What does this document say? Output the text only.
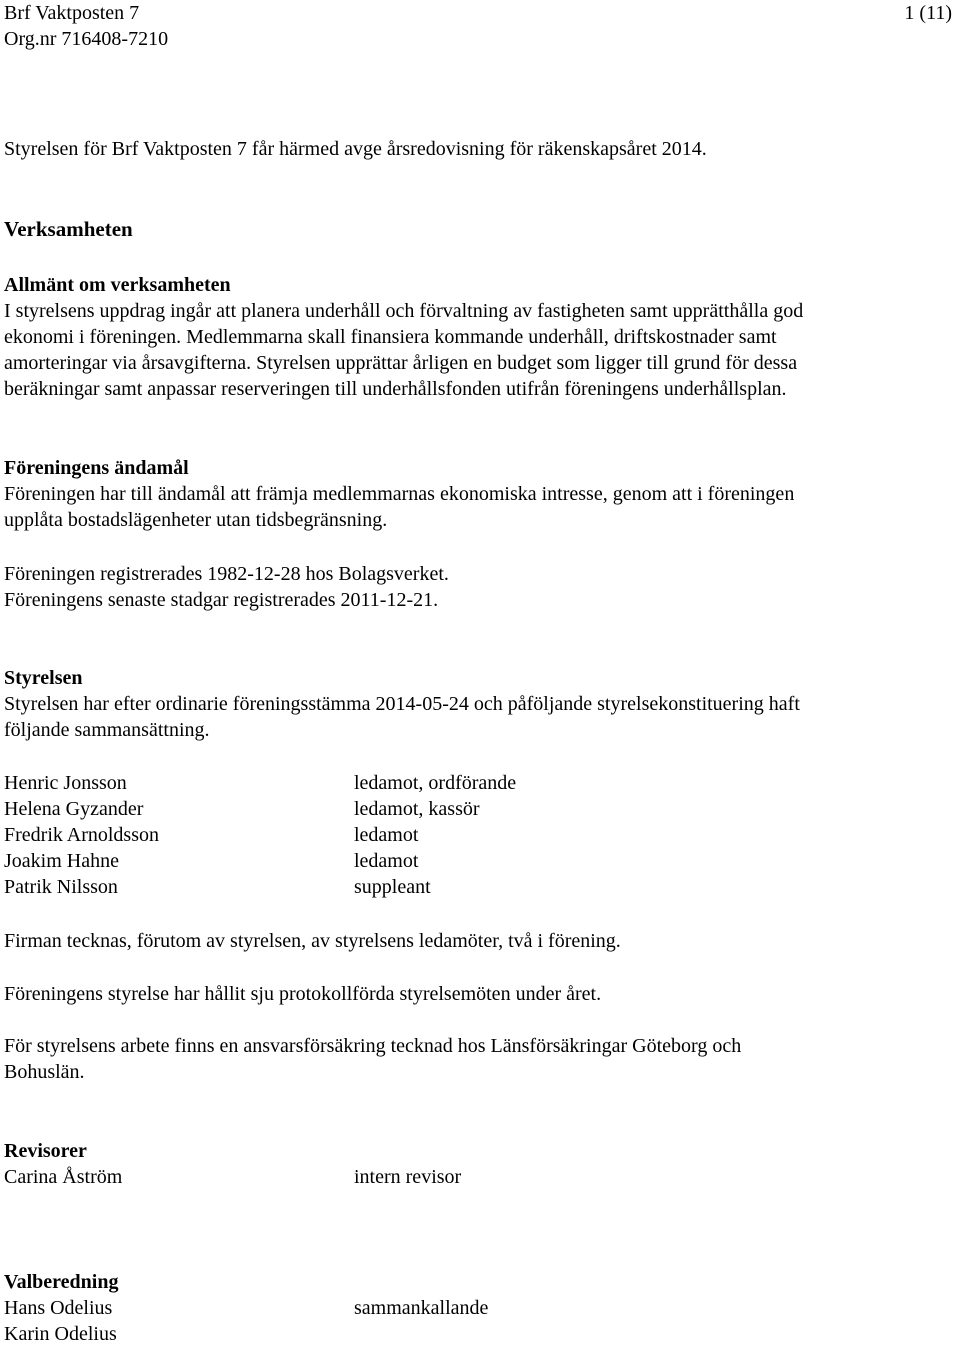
Brf Vaktposten 7
Org.nr 716408-7210
1 (11)
Styrelsen för Brf Vaktposten 7 får härmed avge årsredovisning för räkenskapsåret 2014.
Verksamheten
Allmänt om verksamheten
I styrelsens uppdrag ingår att planera underhåll och förvaltning av fastigheten samt upprätthålla god
ekonomi i föreningen. Medlemmarna skall finansiera kommande underhåll, driftskostnader samt
amorteringar via årsavgifterna. Styrelsen upprättar årligen en budget som ligger till grund för dessa
beräkningar samt anpassar reserveringen till underhållsfonden utifrån föreningens underhållsplan.
Föreningens ändamål
Föreningen har till ändamål att främja medlemmarnas ekonomiska intresse, genom att i föreningen
upplåta bostadslägenheter utan tidsbegränsning.
Föreningen registrerades 1982-12-28 hos Bolagsverket.
Föreningens senaste stadgar registrerades 2011-12-21.
Styrelsen
Styrelsen har efter ordinarie föreningsstämma 2014-05-24 och påföljande styrelsekonstituering haft
följande sammansättning.
Henric Jonsson	ledamot, ordförande
Helena Gyzander	ledamot, kassör
Fredrik Arnoldsson	ledamot
Joakim Hahne	ledamot
Patrik Nilsson	suppleant
Firman tecknas, förutom av styrelsen, av styrelsens ledamöter, två i förening.
Föreningens styrelse har hållit sju protokollförda styrelsemöten under året.
För styrelsens arbete finns en ansvarsförsäkring tecknad hos Länsförsäkringar Göteborg och
Bohuslän.
Revisorer
Carina Åström	intern revisor
Valberedning
Hans Odelius	sammankallande
Karin Odelius
